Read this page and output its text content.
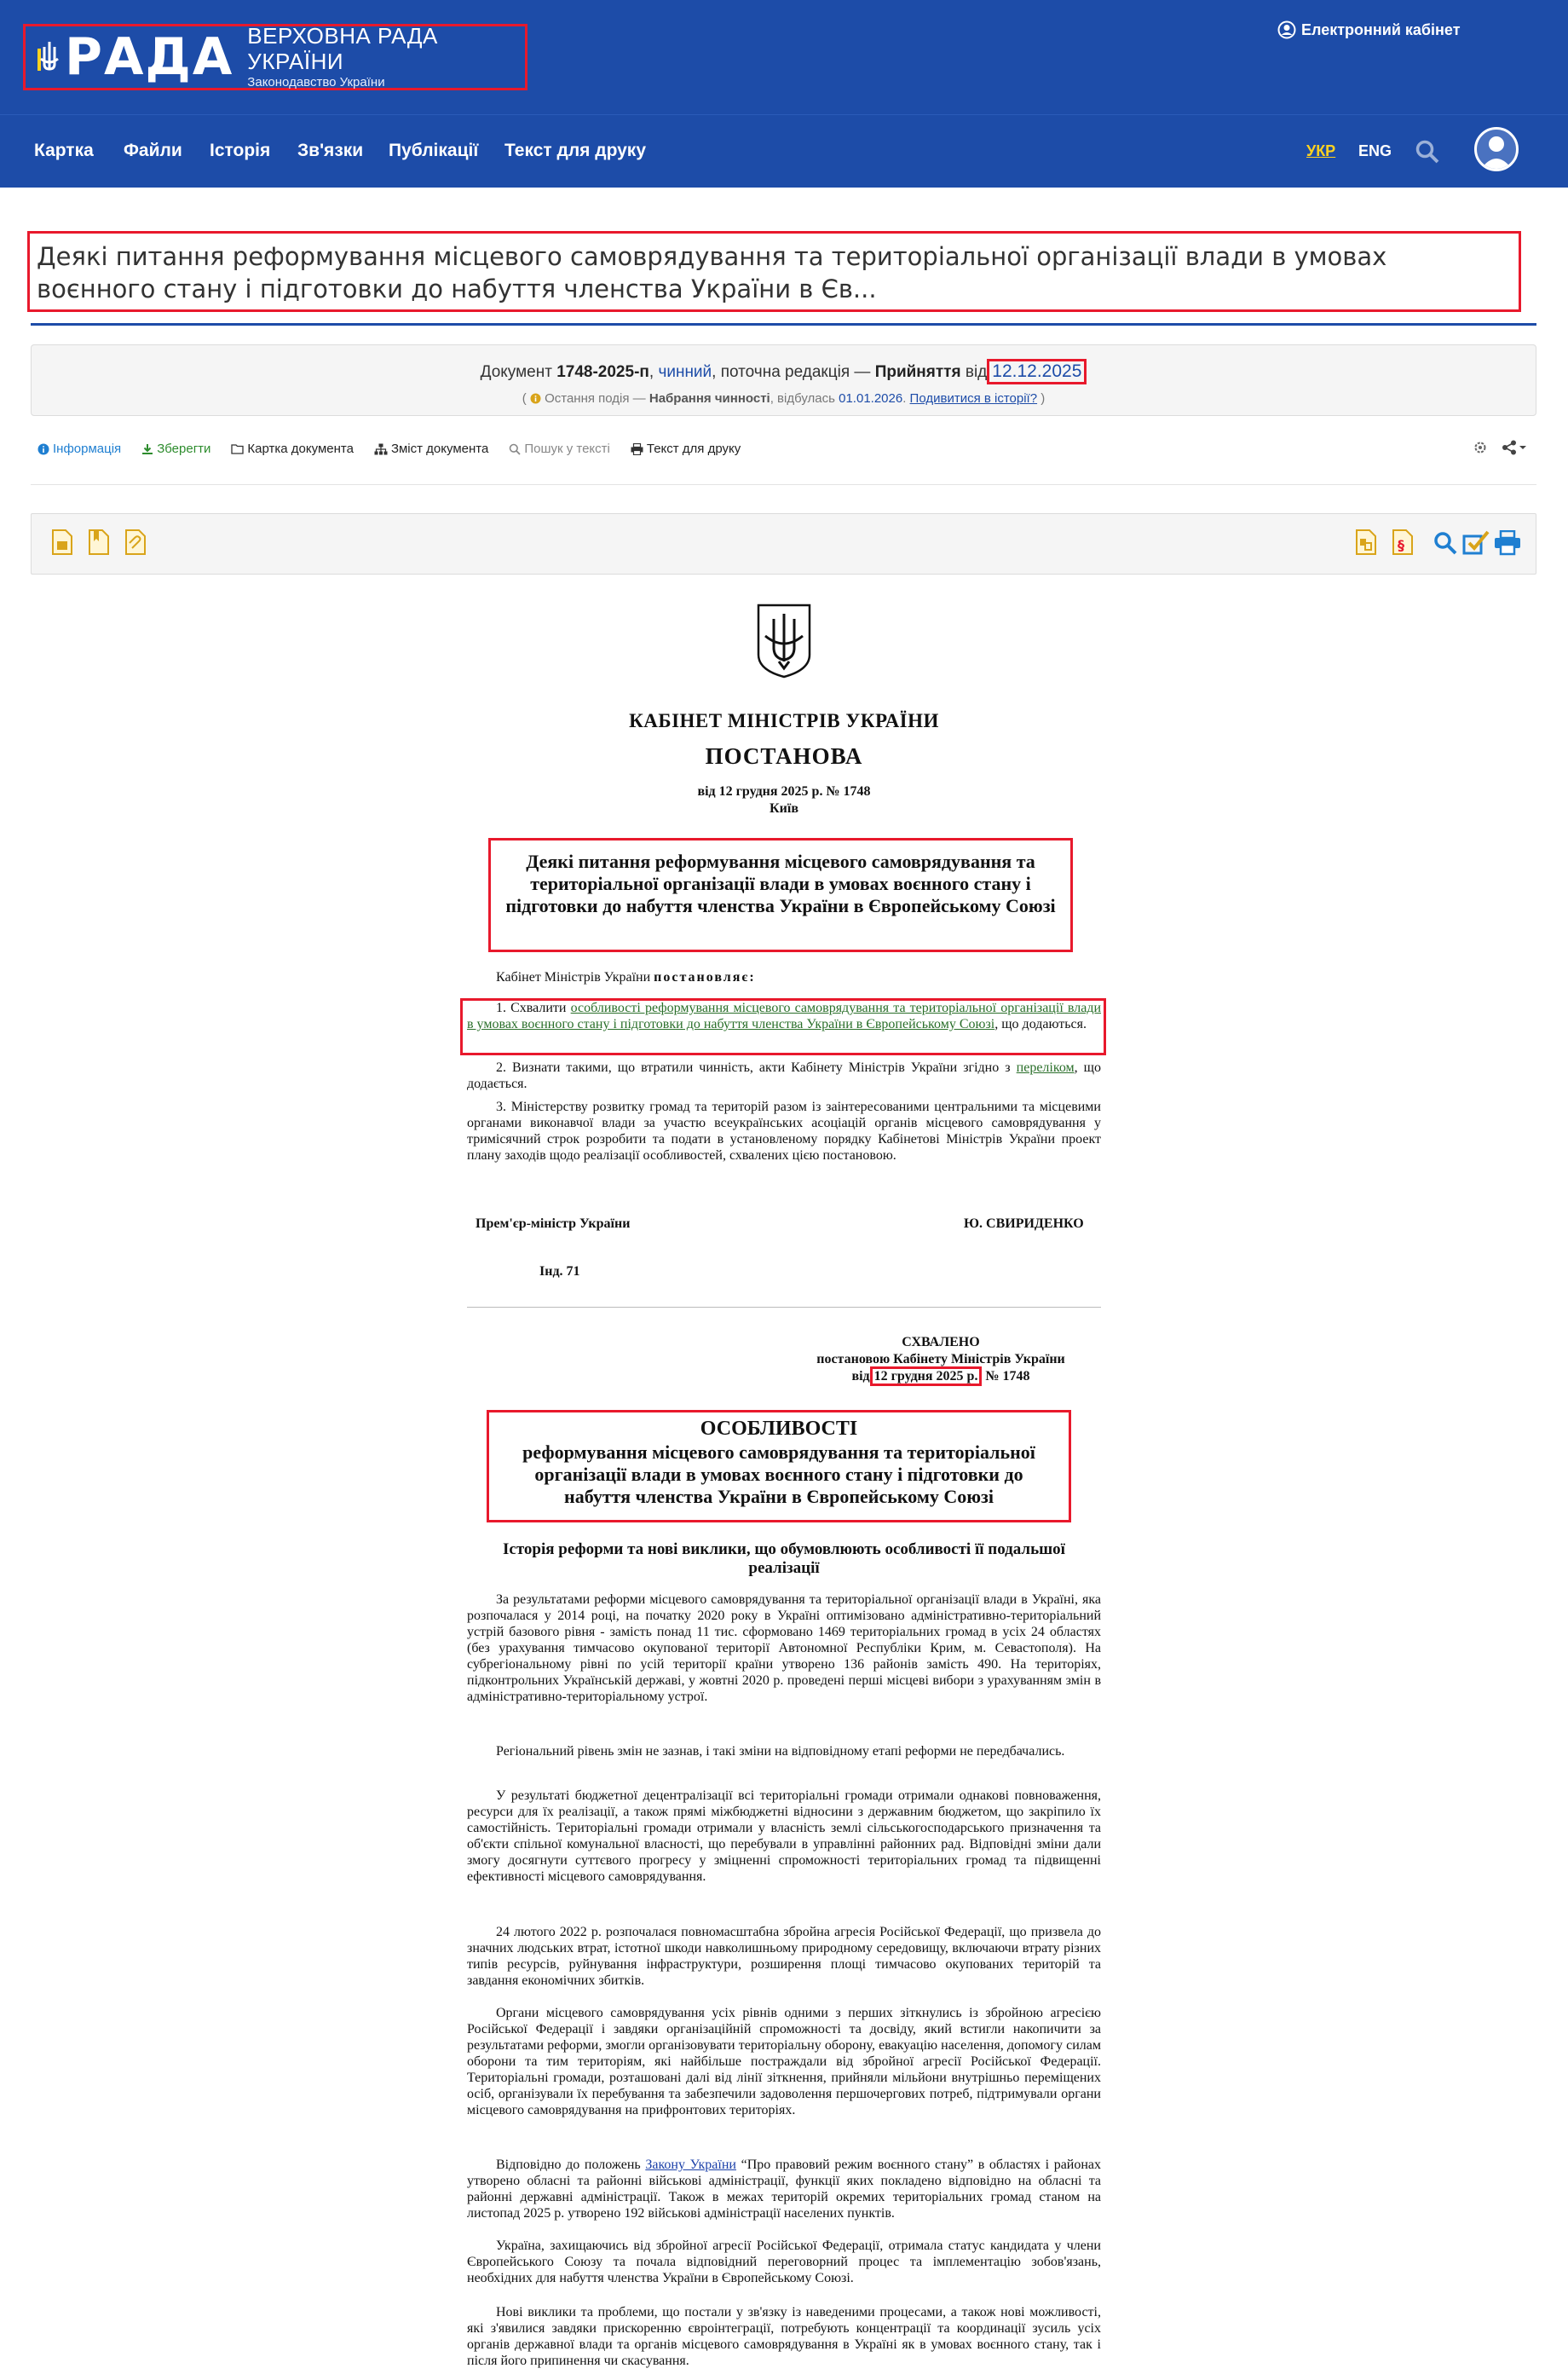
РАДА ВЕРХОВНА РАДА УКРАЇНИ
Законодавство України
Електронний кабінет
Картка Файли Історія Зв'язки Публікації Текст для друку	УКР ENG
Деякі питання реформування місцевого самоврядування та територіальної організації влади в умовах воєнного стану і підготовки до набуття членства України в Єв...
Документ 1748-2025-п, чинний, поточна редакція — Прийняття від 12.12.2025
(  Остання подія — Набрання чинності, відбулась 01.01.2026. Подивитися в історії? )
Інформація	Зберегти	Картка документа	Зміст документа	Пошук у тексті	Текст для друку
§
КАБІНЕТ МІНІСТРІВ УКРАЇНИ
ПОСТАНОВА
від 12 грудня 2025 р. № 1748
Київ
Деякі питання реформування місцевого самоврядування та територіальної організації влади в умовах воєнного стану і підготовки до набуття членства України в Європейському Союзі
Кабінет Міністрів України постановляє:
1. Схвалити особливості реформування місцевого самоврядування та територіальної організації влади в умовах воєнного стану і підготовки до набуття членства України в Європейському Союзі, що додаються.
2. Визнати такими, що втратили чинність, акти Кабінету Міністрів України згідно з переліком, що додається.
3. Міністерству розвитку громад та територій разом із заінтересованими центральними та місцевими органами виконавчої влади за участю всеукраїнських асоціацій органів місцевого самоврядування у тримісячний строк розробити та подати в установленому порядку Кабінетові Міністрів України проект плану заходів щодо реалізації особливостей, схвалених цією постановою.
Прем'єр-міністр України	Ю. СВИРИДЕНКО
Інд. 71
СХВАЛЕНО
постановою Кабінету Міністрів України
від 12 грудня 2025 р. № 1748
ОСОБЛИВОСТІ
реформування місцевого самоврядування та територіальної організації влади в умовах воєнного стану і підготовки до набуття членства України в Європейському Союзі
Історія реформи та нові виклики, що обумовлюють особливості її подальшої реалізації
За результатами реформи місцевого самоврядування та територіальної організації влади в Україні, яка розпочалася у 2014 році, на початку 2020 року в Україні оптимізовано адміністративно-територіальний устрій базового рівня - замість понад 11 тис. сформовано 1469 територіальних громад в усіх 24 областях (без урахування тимчасово окупованої території Автономної Республіки Крим, м. Севастополя). На субрегіональному рівні по усій території країни утворено 136 районів замість 490. На територіях, підконтрольних Українській державі, у жовтні 2020 р. проведені перші місцеві вибори з урахуванням змін в адміністративно-територіальному устрої.
Регіональний рівень змін не зазнав, і такі зміни на відповідному етапі реформи не передбачались.
У результаті бюджетної децентралізації всі територіальні громади отримали однакові повноваження, ресурси для їх реалізації, а також прямі міжбюджетні відносини з державним бюджетом, що закріпило їх самостійність. Територіальні громади отримали у власність землі сільськогосподарського призначення та об'єкти спільної комунальної власності, що перебували в управлінні районних рад. Відповідні зміни дали змогу досягнути суттєвого прогресу у зміцненні спроможності територіальних громад та підвищенні ефективності місцевого самоврядування.
24 лютого 2022 р. розпочалася повномасштабна збройна агресія Російської Федерації, що призвела до значних людських втрат, істотної шкоди навколишньому природному середовищу, включаючи втрату різних типів ресурсів, руйнування інфраструктури, розширення площі тимчасово окупованих територій та завдання економічних збитків.
Органи місцевого самоврядування усіх рівнів одними з перших зіткнулись із збройною агресією Російської Федерації і завдяки організаційній спроможності та досвіду, який встигли накопичити за результатами реформи, змогли організовувати територіальну оборону, евакуацію населення, допомогу силам оборони та тим територіям, які найбільше постраждали від збройної агресії Російської Федерації. Територіальні громади, розташовані далі від лінії зіткнення, прийняли мільйони внутрішньо переміщених осіб, організували їх перебування та забезпечили задоволення першочергових потреб, підтримували органи місцевого самоврядування на прифронтових територіях.
Відповідно до положень Закону України “Про правовий режим воєнного стану” в областях і районах утворено обласні та районні військові адміністрації, функції яких покладено відповідно на обласні та районні державні адміністрації. Також в межах територій окремих територіальних громад станом на листопад 2025 р. утворено 192 військові адміністрації населених пунктів.
Україна, захищаючись від збройної агресії Російської Федерації, отримала статус кандидата у члени Європейського Союзу та почала відповідний переговорний процес та імплементацію зобов'язань, необхідних для набуття членства України в Європейському Союзі.
Нові виклики та проблеми, що постали у зв'язку із наведеними процесами, а також нові можливості, які з'явилися завдяки прискоренню євроінтеграції, потребують концентрації та координації зусиль усіх органів державної влади та органів місцевого самоврядування в Україні як в умовах воєнного стану, так і після його припинення чи скасування.
